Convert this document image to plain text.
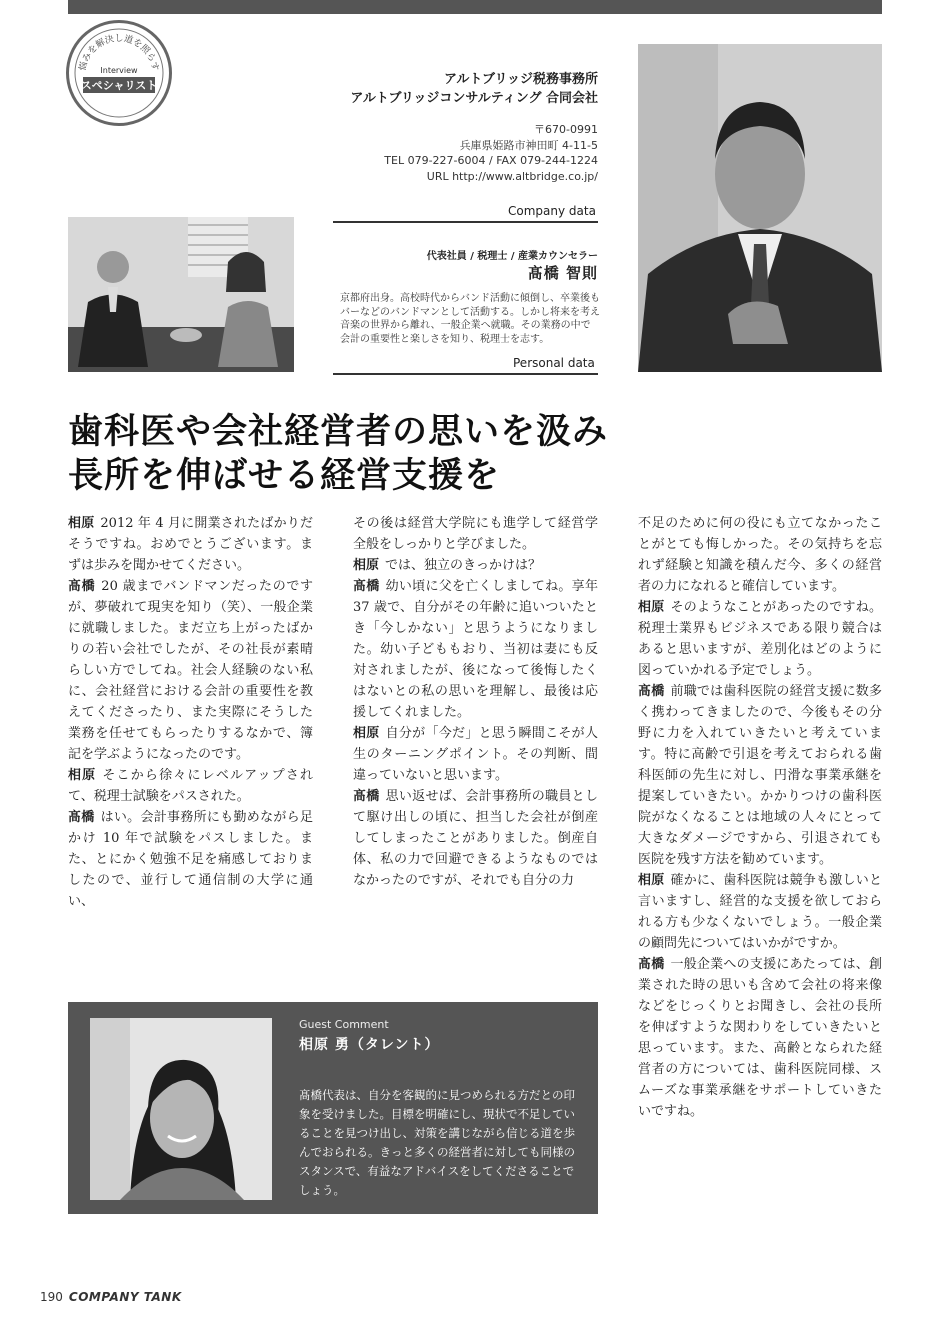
悩みを解決し道を照らす
Interview
スペシャリスト	アルトブリッジ税務事務所
アルトブリッジコンサルティング 合同会社
〒670-0991
兵庫県姫路市神田町 4-11-5
TEL 079-227-6004 / FAX 079-244-1224
URL http://www.altbridge.co.jp/
Company data
代表社員 / 税理士 / 産業カウンセラー
髙橋 智則
京都府出身。高校時代からバンド活動に傾倒し、卒業後もバーなどのバンドマンとして活動する。しかし将来を考え音楽の世界から離れ、一般企業へ就職。その業務の中で会計の重要性と楽しさを知り、税理士を志す。
Personal data
歯科医や会社経営者の思いを汲み
長所を伸ばせる経営支援を

相原 2012 年 4 月に開業されたばかりだそうですね。おめでとうございます。まずは歩みを聞かせてください。

髙橋 20 歳までバンドマンだったのですが、夢破れて現実を知り（笑）、一般企業に就職しました。まだ立ち上がったばかりの若い会社でしたが、その社長が素晴らしい方でしてね。社会人経験のない私に、会社経営における会計の重要性を教えてくださったり、また実際にそうした業務を任せてもらったりするなかで、簿記を学ぶようになったのです。

相原 そこから徐々にレベルアップされて、税理士試験をパスされた。

髙橋 はい。会計事務所にも勤めながら足かけ 10 年で試験をパスしました。また、とにかく勉強不足を痛感しておりましたので、並行して通信制の大学に通い、

その後は経営大学院にも進学して経営学全般をしっかりと学びました。

相原 では、独立のきっかけは？

髙橋 幼い頃に父を亡くしましてね。享年 37 歳で、自分がその年齢に追いついたとき「今しかない」と思うようになりました。幼い子どももおり、当初は妻にも反対されましたが、後になって後悔したくはないとの私の思いを理解し、最後は応援してくれました。

相原 自分が「今だ」と思う瞬間こそが人生のターニングポイント。その判断、間違っていないと思います。

髙橋 思い返せば、会計事務所の職員として駆け出しの頃に、担当した会社が倒産してしまったことがありました。倒産自体、私の力で回避できるようなものではなかったのですが、それでも自分の力

不足のために何の役にも立てなかったことがとても悔しかった。その気持ちを忘れず経験と知識を積んだ今、多くの経営者の力になれると確信しています。

相原 そのようなことがあったのですね。税理士業界もビジネスである限り競合はあると思いますが、差別化はどのように図っていかれる予定でしょう。

髙橋 前職では歯科医院の経営支援に数多く携わってきましたので、今後もその分野に力を入れていきたいと考えています。特に高齢で引退を考えておられる歯科医師の先生に対し、円滑な事業承継を提案していきたい。かかりつけの歯科医院がなくなることは地域の人々にとって大きなダメージですから、引退されても医院を残す方法を勧めています。

相原 確かに、歯科医院は競争も激しいと言いますし、経営的な支援を欲しておられる方も少なくないでしょう。一般企業の顧問先についてはいかがですか。

髙橋 一般企業への支援にあたっては、創業された時の思いも含めて会社の将来像などをじっくりとお聞きし、会社の長所を伸ばすような関わりをしていきたいと思っています。また、高齢となられた経営者の方については、歯科医院同様、スムーズな事業承継をサポートしていきたいですね。

Guest Comment
相原 勇（タレント）
髙橋代表は、自分を客観的に見つめられる方だとの印象を受けました。目標を明確にし、現状で不足していることを見つけ出し、対策を講じながら信じる道を歩んでおられる。きっと多くの経営者に対しても同様のスタンスで、有益なアドバイスをしてくださることでしょう。
190 COMPANY TANK
